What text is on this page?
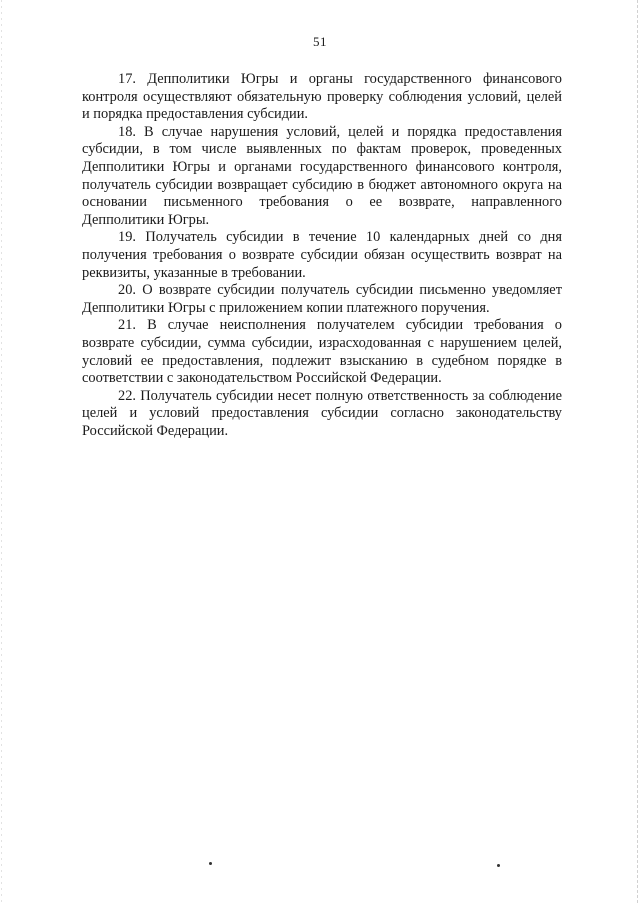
51

17. Депполитики Югры и органы государственного финансового контроля осуществляют обязательную проверку соблюдения условий, целей и порядка предоставления субсидии.

18. В случае нарушения условий, целей и порядка предоставления субсидии, в том числе выявленных по фактам проверок, проведенных Депполитики Югры и органами государственного финансового контроля, получатель субсидии возвращает субсидию в бюджет автономного округа на основании письменного требования о ее возврате, направленного Депполитики Югры.

19. Получатель субсидии в течение 10 календарных дней со дня получения требования о возврате субсидии обязан осуществить возврат на реквизиты, указанные в требовании.

20. О возврате субсидии получатель субсидии письменно уведомляет Депполитики Югры с приложением копии платежного поручения.

21. В случае неисполнения получателем субсидии требования о возврате субсидии, сумма субсидии, израсходованная с нарушением целей, условий ее предоставления, подлежит взысканию в судебном порядке в соответствии с законодательством Российской Федерации.

22. Получатель субсидии несет полную ответственность за соблюдение целей и условий предоставления субсидии согласно законодательству Российской Федерации.
